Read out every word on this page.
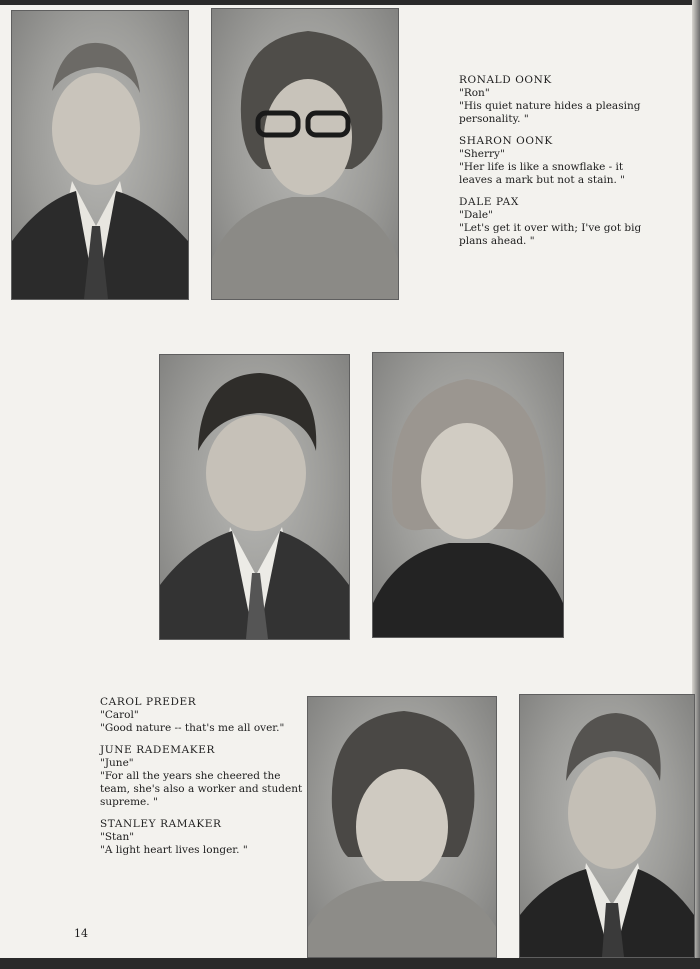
RONALD OONK
"Ron"
"His quiet nature hides a pleasing
personality. "
SHARON OONK
"Sherry"
"Her life is like a snowflake - it
leaves a mark but not a stain. "
DALE PAX
"Dale"
"Let's get it over with; I've got big
plans ahead. "
CAROL PREDER
"Carol"
"Good nature -- that's me all over."
JUNE RADEMAKER
"June"
"For all the years she cheered the
team, she's also a worker and student
supreme. "
STANLEY RAMAKER
"Stan"
"A light heart lives longer. "
14
